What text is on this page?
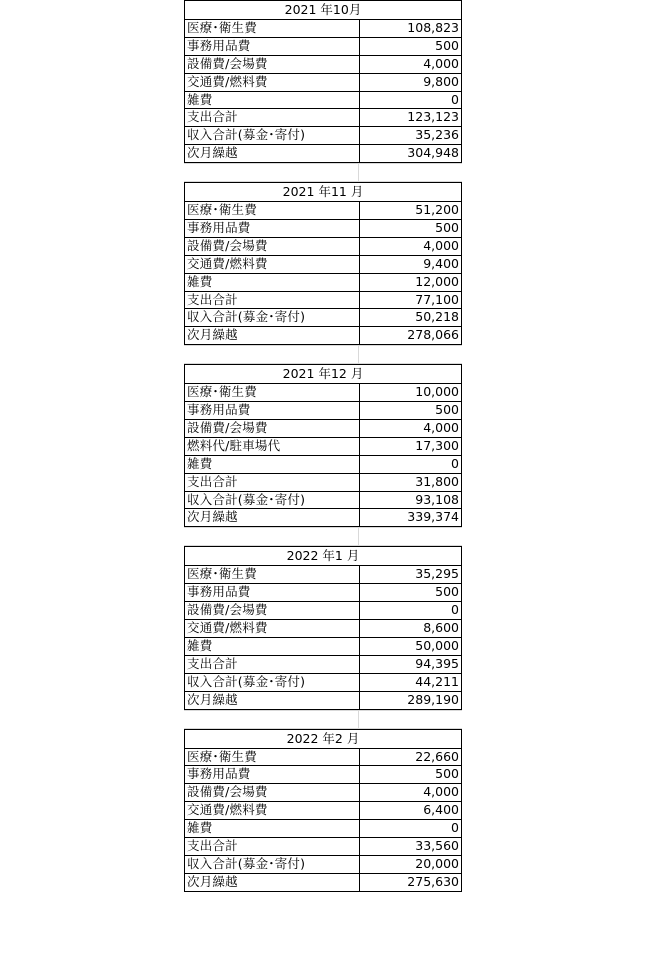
2021 年10月
医療･衛生費	108,823
事務用品費	500
設備費/会場費	4,000
交通費/燃料費	9,800
雑費	0
支出合計	123,123
収入合計(募金･寄付)	35,236
次月繰越	304,948
2021 年11 月
医療･衛生費	51,200
事務用品費	500
設備費/会場費	4,000
交通費/燃料費	9,400
雑費	12,000
支出合計	77,100
収入合計(募金･寄付)	50,218
次月繰越	278,066
2021 年12 月
医療･衛生費	10,000
事務用品費	500
設備費/会場費	4,000
燃料代/駐車場代	17,300
雑費	0
支出合計	31,800
収入合計(募金･寄付)	93,108
次月繰越	339,374
2022 年1 月
医療･衛生費	35,295
事務用品費	500
設備費/会場費	0
交通費/燃料費	8,600
雑費	50,000
支出合計	94,395
収入合計(募金･寄付)	44,211
次月繰越	289,190
2022 年2 月
医療･衛生費	22,660
事務用品費	500
設備費/会場費	4,000
交通費/燃料費	6,400
雑費	0
支出合計	33,560
収入合計(募金･寄付)	20,000
次月繰越	275,630
